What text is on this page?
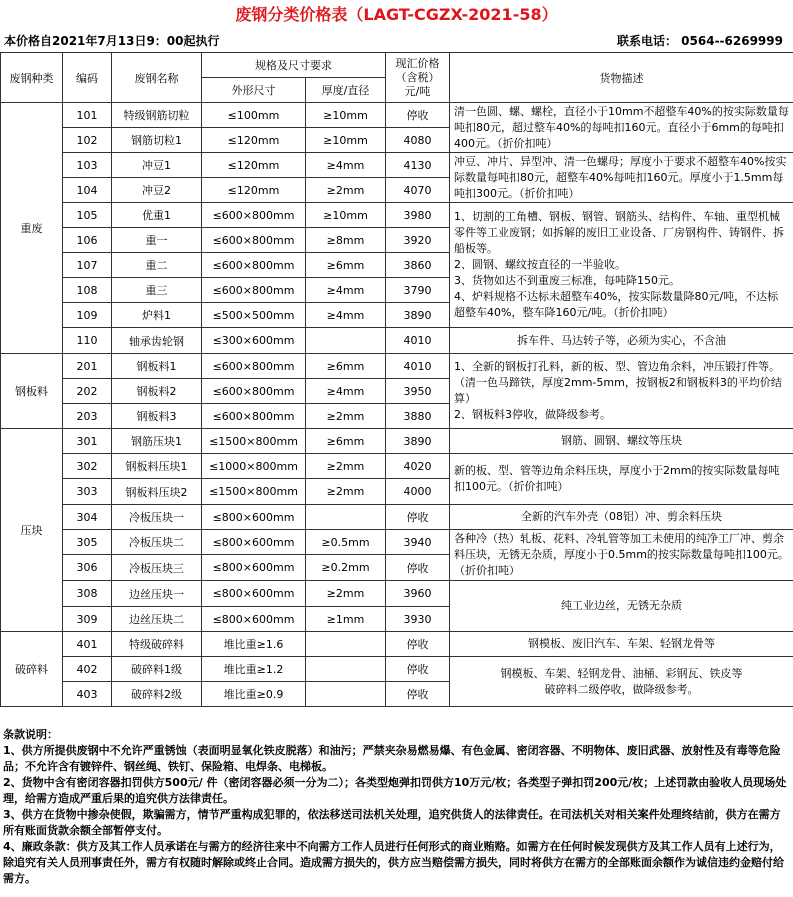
废钢分类价格表（LAGT-CGZX-2021-58）
本价格自2021年7月13日9：00起执行	联系电话： 0564--6269999
废钢种类	编码	废钢名称	规格及尺寸要求		现汇价格
（含税）
元/吨	货物描述
			外形尺寸	厚度/直径		
重废	101	特级钢筋切粒	≤100mm	≥10mm	停收	清一色圆、螺、螺栓，直径小于10mm不超整车40%的按实际数量每吨扣80元，超过整车40%的每吨扣160元。直径小于6mm的每吨扣400元。（折价扣吨）
	102	钢筋切粒1	≤120mm	≥10mm	4080	
	103	冲豆1	≤120mm	≥4mm	4130	冲豆、冲片、异型冲、清一色螺母；厚度小于要求不超整车40%按实际数量每吨扣80元，超整车40%每吨扣160元。厚度小于1.5mm每吨扣300元。（折价扣吨）
	104	冲豆2	≤120mm	≥2mm	4070	
	105	优重1	≤600×800mm	≥10mm	3980	1、切割的工角槽、钢板、钢管、钢筋头、结构件、车轴、重型机械零件等工业废钢；如拆解的废旧工业设备、厂房钢构件、铸钢件、拆船板等。
2、圆钢、螺纹按直径的一半验收。
3、货物如达不到重废三标准，每吨降150元。
4、炉料规格不达标未超整车40%，按实际数量降80元/吨，不达标超整车40%，整车降160元/吨。（折价扣吨）
	106	重一	≤600×800mm	≥8mm	3920	
	107	重二	≤600×800mm	≥6mm	3860	
	108	重三	≤600×800mm	≥4mm	3790	
	109	炉料1	≤500×500mm	≥4mm	3890	
	110	轴承齿轮钢	≤300×600mm		4010	拆车件、马达转子等，必须为实心，不含油
钢板料	201	钢板料1	≤600×800mm	≥6mm	4010	1、全新的钢板打孔料，新的板、型、管边角余料，冲压锻打件等。（清一色马蹄铁，厚度2mm-5mm，按钢板2和钢板料3的平均价结算）
2、钢板料3停收，做降级参考。
	202	钢板料2	≤600×800mm	≥4mm	3950	
	203	钢板料3	≤600×800mm	≥2mm	3880	
压块	301	钢筋压块1	≤1500×800mm	≥6mm	3890	钢筋、圆钢、螺纹等压块
	302	钢板料压块1	≤1000×800mm	≥2mm	4020	新的板、型、管等边角余料压块，厚度小于2mm的按实际数量每吨扣100元。（折价扣吨）
	303	钢板料压块2	≤1500×800mm	≥2mm	4000	
	304	冷板压块一	≤800×600mm		停收	全新的汽车外壳（08铝）冲、剪余料压块
	305	冷板压块二	≤800×600mm	≥0.5mm	3940	各种冷（热）轧板、花料、冷轧管等加工未使用的纯净工厂冲、剪余料压块，无锈无杂质，厚度小于0.5mm的按实际数量每吨扣100元。（折价扣吨）
	306	冷板压块三	≤800×600mm	≥0.2mm	停收	
	308	边丝压块一	≤800×600mm	≥2mm	3960	纯工业边丝，无锈无杂质
	309	边丝压块二	≤800×600mm	≥1mm	3930	
破碎料	401	特级破碎料	堆比重≥1.6		停收	钢模板、废旧汽车、车架、轻钢龙骨等
	402	破碎料1级	堆比重≥1.2		停收	钢模板、车架、轻钢龙骨、油桶、彩钢瓦、铁皮等
破碎料二级停收，做降级参考。
	403	破碎料2级	堆比重≥0.9		停收	

条款说明：

1、供方所提供废钢中不允许严重锈蚀（表面明显氧化铁皮脱落）和油污；严禁夹杂易燃易爆、有色金属、密闭容器、不明物体、废旧武器、放射性及有毒等危险品；不允许含有镀锌件、钢丝绳、铁钉、保险箱、电焊条、电梯板。

2、货物中含有密闭容器扣罚供方500元/ 件（密闭容器必须一分为二）；各类型炮弹扣罚供方10万元/枚；各类型子弹扣罚200元/枚；上述罚款由验收人员现场处理，给需方造成严重后果的追究供方法律责任。

3、供方在货物中掺杂使假，欺骗需方，情节严重构成犯罪的，依法移送司法机关处理，追究供货人的法律责任。在司法机关对相关案件处理终结前，供方在需方所有账面货款余额全部暂停支付。

4、廉政条款：供方及其工作人员承诺在与需方的经济往来中不向需方工作人员进行任何形式的商业贿赂。如需方在任何时候发现供方及其工作人员有上述行为，除追究有关人员刑事责任外，需方有权随时解除或终止合同。造成需方损失的，供方应当赔偿需方损失，同时将供方在需方的全部账面余额作为诚信违约金赔付给需方。
